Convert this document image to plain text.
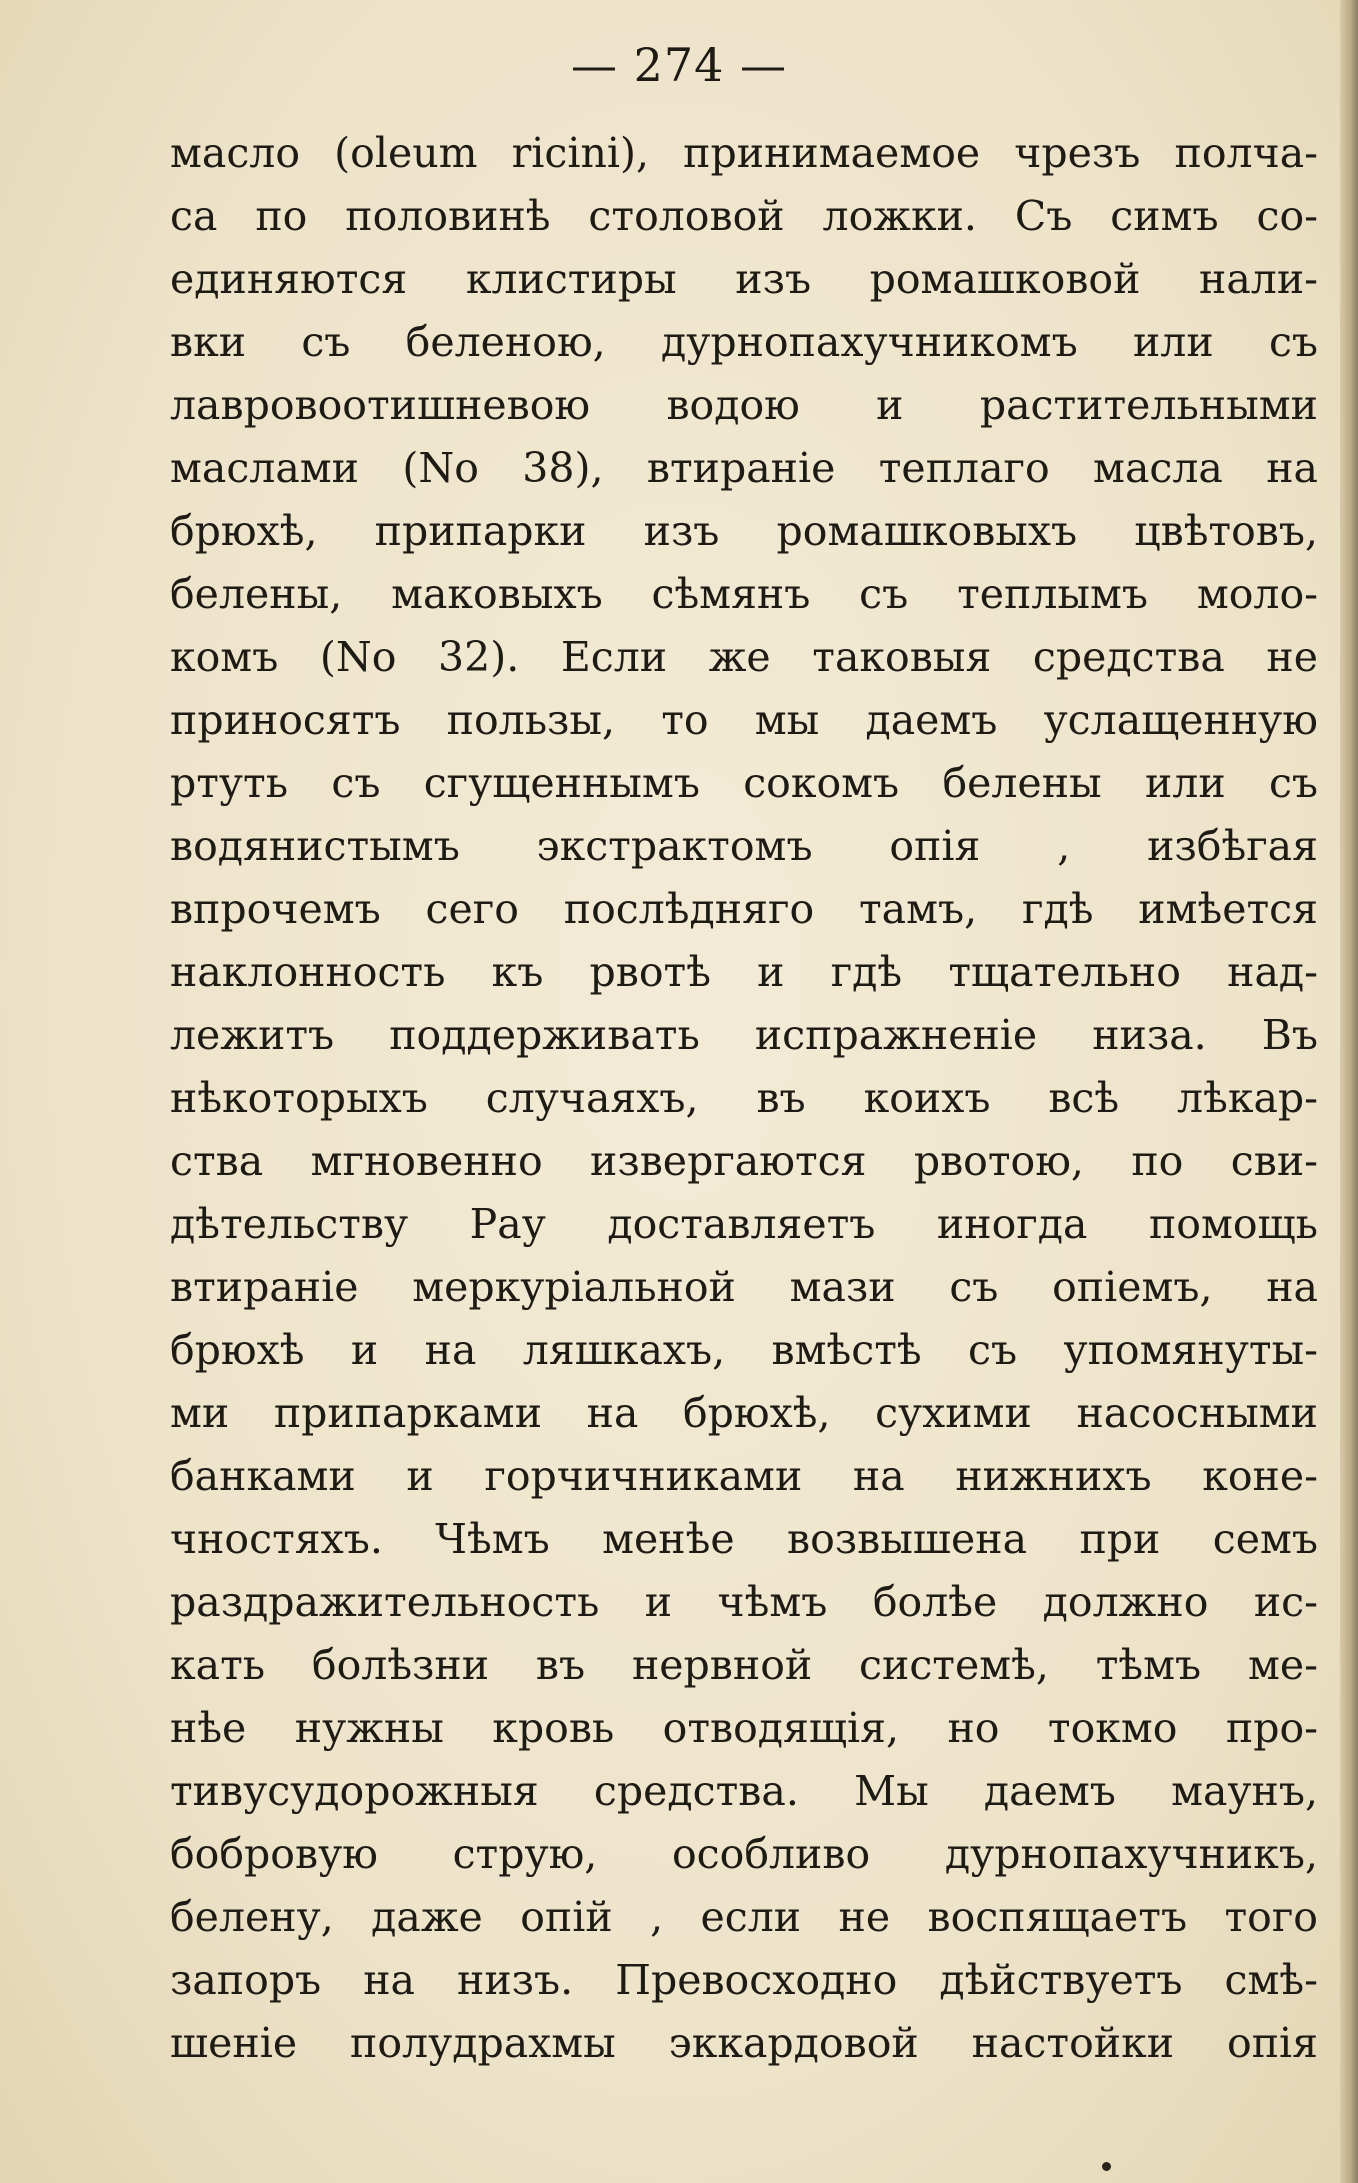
— 274 —
масло (oleum ricini), принимаемое чрезъ полча-
са по половинѣ столовой ложки. Съ симъ со-
единяются клистиры изъ ромашковой нали-
вки съ беленою, дурнопахучникомъ или съ
лавровоотишневою водою и растительными
маслами (No 38), втираніе теплаго масла на
брюхѣ, припарки изъ ромашковыхъ цвѣтовъ,
белены, маковыхъ сѣмянъ съ теплымъ моло-
комъ (No 32). Если же таковыя средства не
приносятъ пользы, то мы даемъ услащенную
ртуть съ сгущеннымъ сокомъ белены или съ
водянистымъ экстрактомъ опія , избѣгая
впрочемъ сего послѣдняго тамъ, гдѣ имѣется
наклонность къ рвотѣ и гдѣ тщательно над-
лежитъ поддерживать испражненіе низа. Въ
нѣкоторыхъ случаяхъ, въ коихъ всѣ лѣкар-
ства мгновенно извергаются рвотою, по сви-
дѣтельству Рау доставляетъ иногда помощь
втираніе меркуріальной мази съ опіемъ, на
брюхѣ и на ляшкахъ, вмѣстѣ съ упомянуты-
ми припарками на брюхѣ, сухими насосными
банками и горчичниками на нижнихъ коне-
чностяхъ. Чѣмъ менѣе возвышена при семъ
раздражительность и чѣмъ болѣе должно ис-
кать болѣзни въ нервной системѣ, тѣмъ ме-
нѣе нужны кровь отводящія, но токмо про-
тивусудорожныя средства. Мы даемъ маунъ,
бобровую струю, особливо дурнопахучникъ,
белену, даже опій , если не воспящаетъ того
запоръ на низъ. Превосходно дѣйствуетъ смѣ-
шеніе полудрахмы эккардовой настойки опія
